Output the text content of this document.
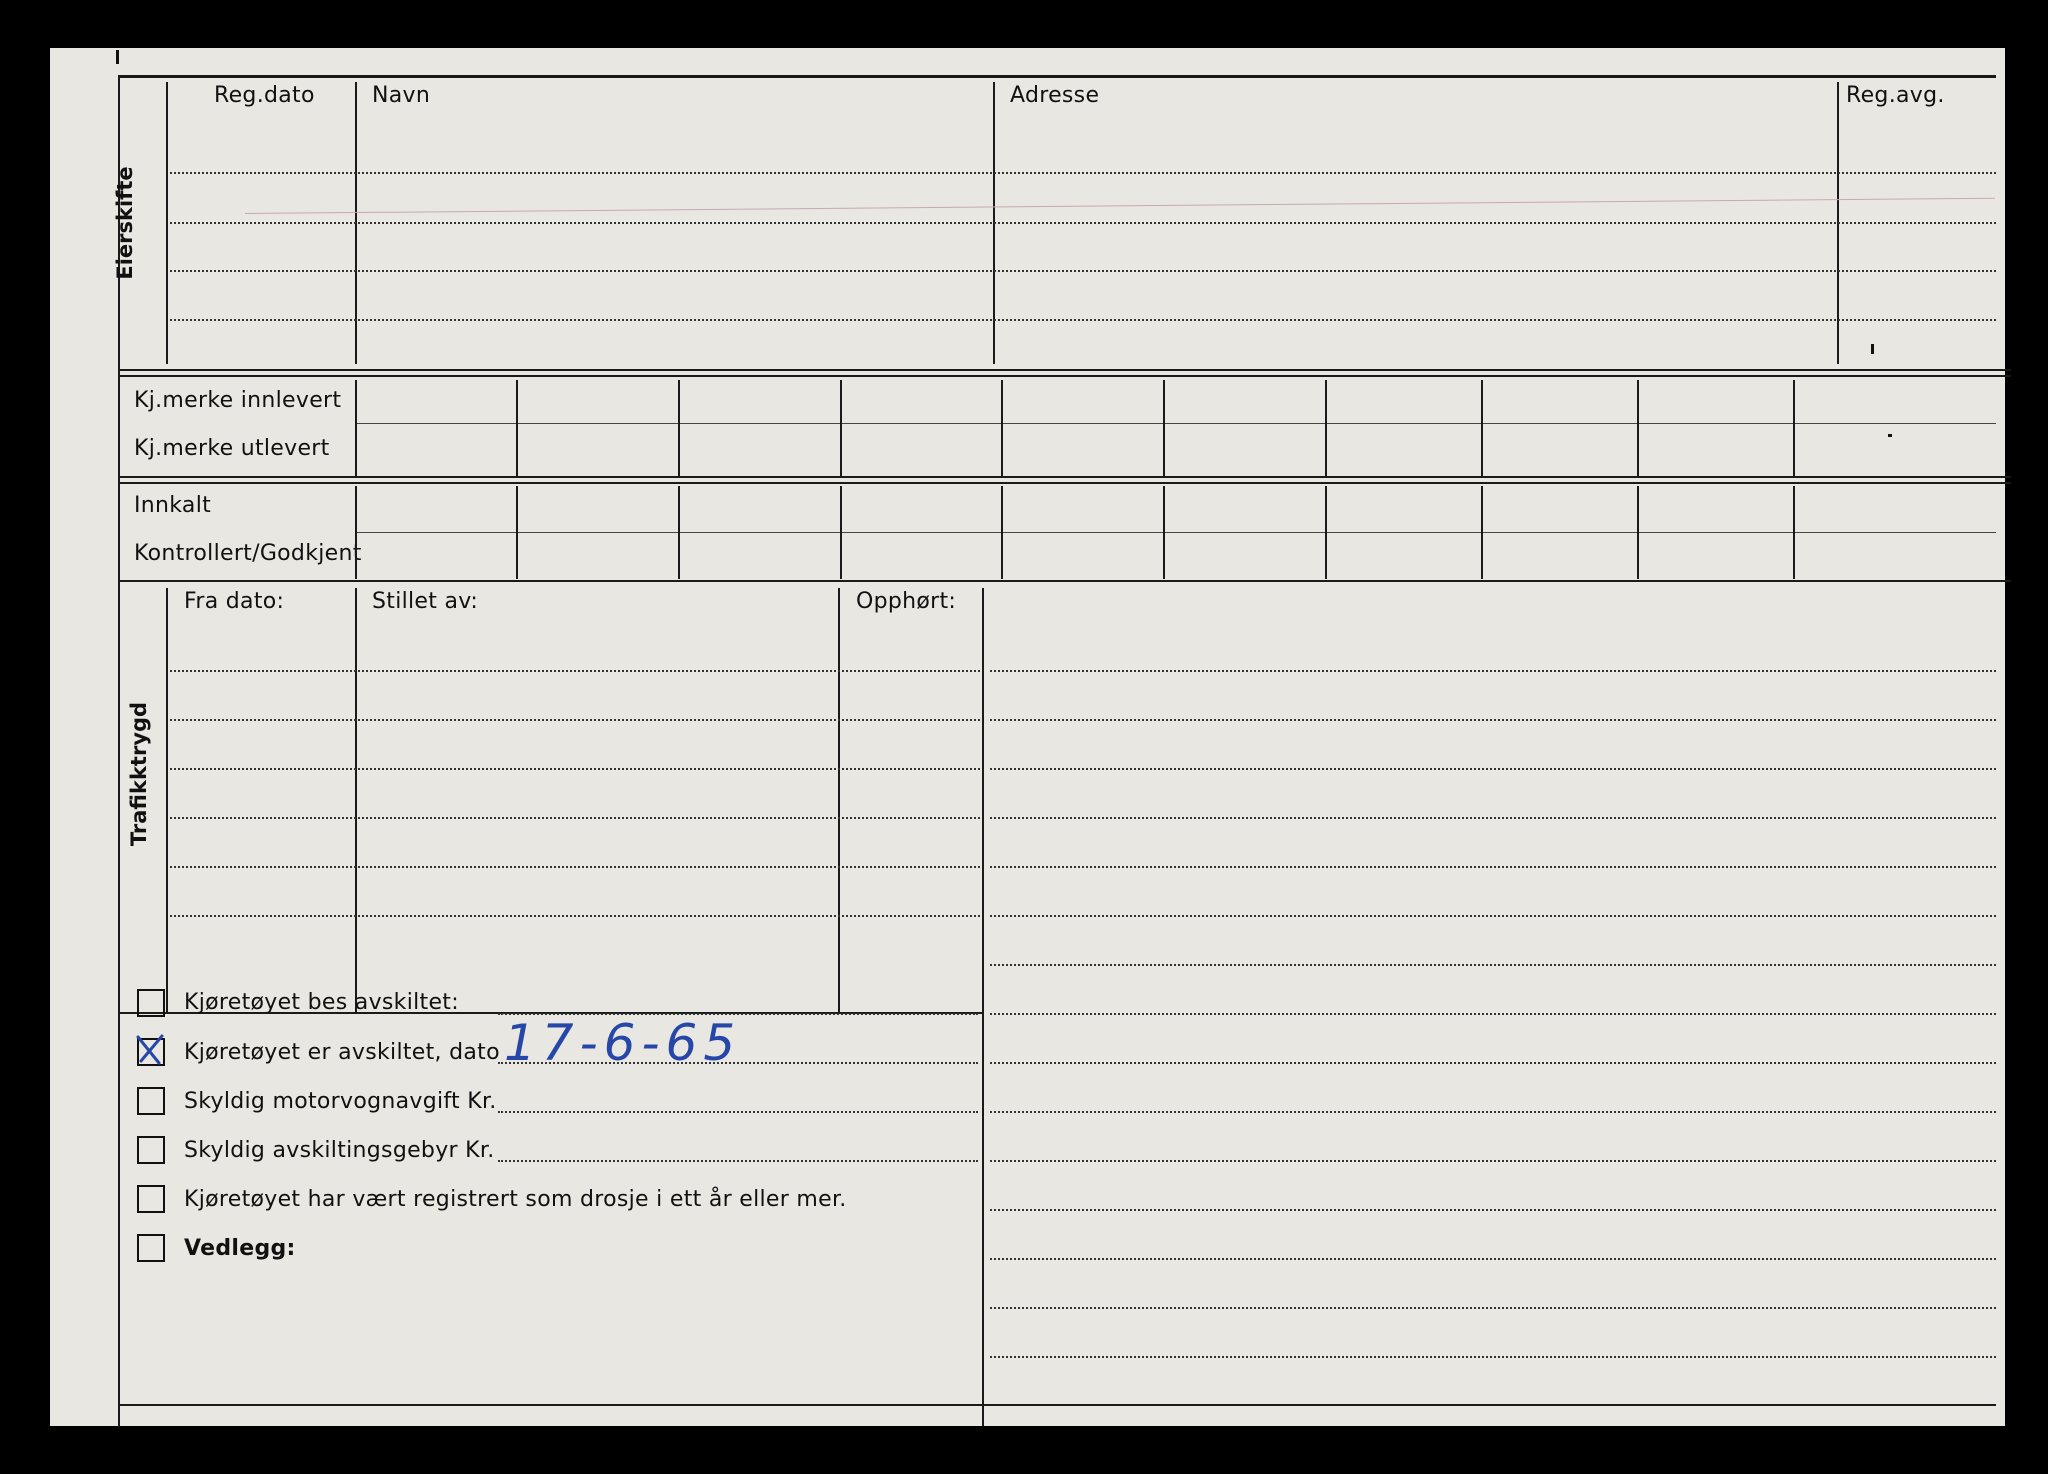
Eierskifte
Reg.dato	Navn	Adresse	Reg.avg.
Kj.merke innlevert
Kj.merke utlevert
Innkalt
Kontrollert/Godkjent
Trafikktrygd
Fra dato:	Stillet av:	Opphørt:
Kjøretøyet bes avskiltet:
Kjøretøyet er avskiltet, dato 17-6-65
Skyldig motorvognavgift Kr.
Skyldig avskiltingsgebyr Kr.
Kjøretøyet har vært registrert som drosje i ett år eller mer.
Vedlegg:
